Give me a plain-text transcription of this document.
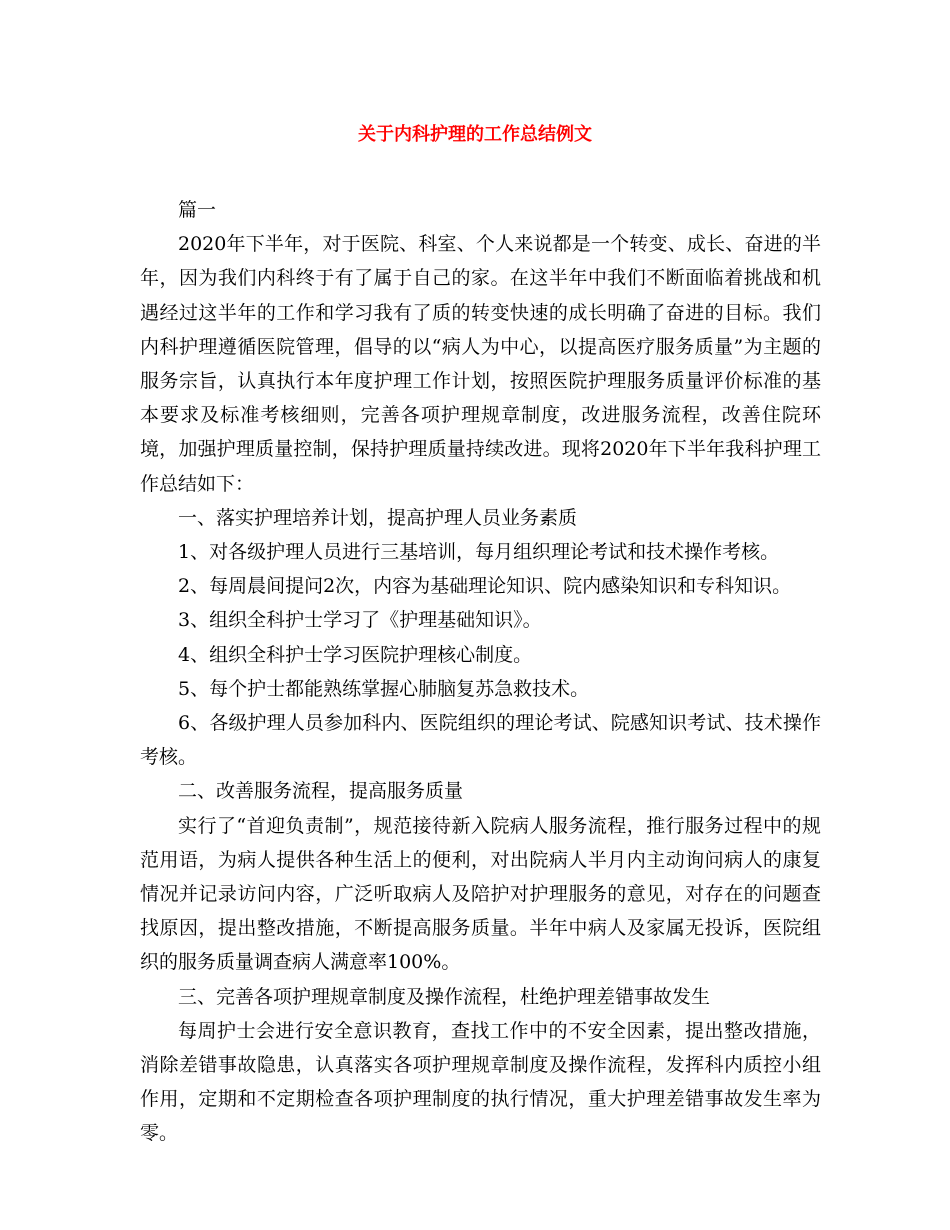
关于内科护理的工作总结例文

篇一

2020年下半年，对于医院、科室、个人来说都是一个转变、成长、奋进的半年，因为我们内科终于有了属于自己的家。在这半年中我们不断面临着挑战和机遇经过这半年的工作和学习我有了质的转变快速的成长明确了奋进的目标。我们内科护理遵循医院管理，倡导的以“病人为中心，以提高医疗服务质量”为主题的服务宗旨，认真执行本年度护理工作计划，按照医院护理服务质量评价标准的基本要求及标准考核细则，完善各项护理规章制度，改进服务流程，改善住院环境，加强护理质量控制，保持护理质量持续改进。现将2020年下半年我科护理工作总结如下：

一、落实护理培养计划，提高护理人员业务素质

1、对各级护理人员进行三基培训，每月组织理论考试和技术操作考核。

2、每周晨间提问2次，内容为基础理论知识、院内感染知识和专科知识。

3、组织全科护士学习了《护理基础知识》。

4、组织全科护士学习医院护理核心制度。

5、每个护士都能熟练掌握心肺脑复苏急救技术。

6、各级护理人员参加科内、医院组织的理论考试、院感知识考试、技术操作考核。

二、改善服务流程，提高服务质量

实行了“首迎负责制”，规范接待新入院病人服务流程，推行服务过程中的规范用语，为病人提供各种生活上的便利，对出院病人半月内主动询问病人的康复情况并记录访问内容，广泛听取病人及陪护对护理服务的意见，对存在的问题查找原因，提出整改措施，不断提高服务质量。半年中病人及家属无投诉，医院组织的服务质量调查病人满意率100%。

三、完善各项护理规章制度及操作流程，杜绝护理差错事故发生

每周护士会进行安全意识教育，查找工作中的不安全因素，提出整改措施，消除差错事故隐患，认真落实各项护理规章制度及操作流程，发挥科内质控小组作用，定期和不定期检查各项护理制度的执行情况，重大护理差错事故发生率为零。
